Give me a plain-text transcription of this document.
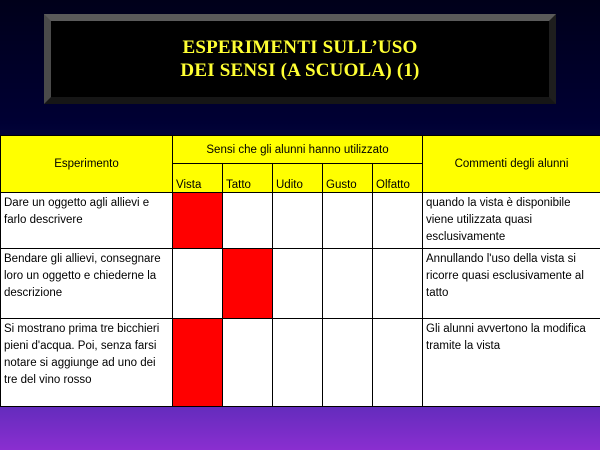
ESPERIMENTI SULL’USO
DEI SENSI (A SCUOLA) (1)
Esperimento	Sensi che gli alunni hanno utilizzato					Commenti degli alunni
	Vista	Tatto	Udito	Gusto	Olfatto	
Dare un oggetto agli allievi e farlo descrivere						quando la vista è disponibile viene utilizzata quasi esclusivamente
Bendare gli allievi, consegnare loro un oggetto e chiederne la descrizione						Annullando l'uso della vista si ricorre quasi esclusivamente al tatto
Si mostrano prima tre bicchieri pieni d'acqua. Poi, senza farsi notare si aggiunge ad uno dei tre del vino rosso						Gli alunni avvertono la modifica tramite la vista
